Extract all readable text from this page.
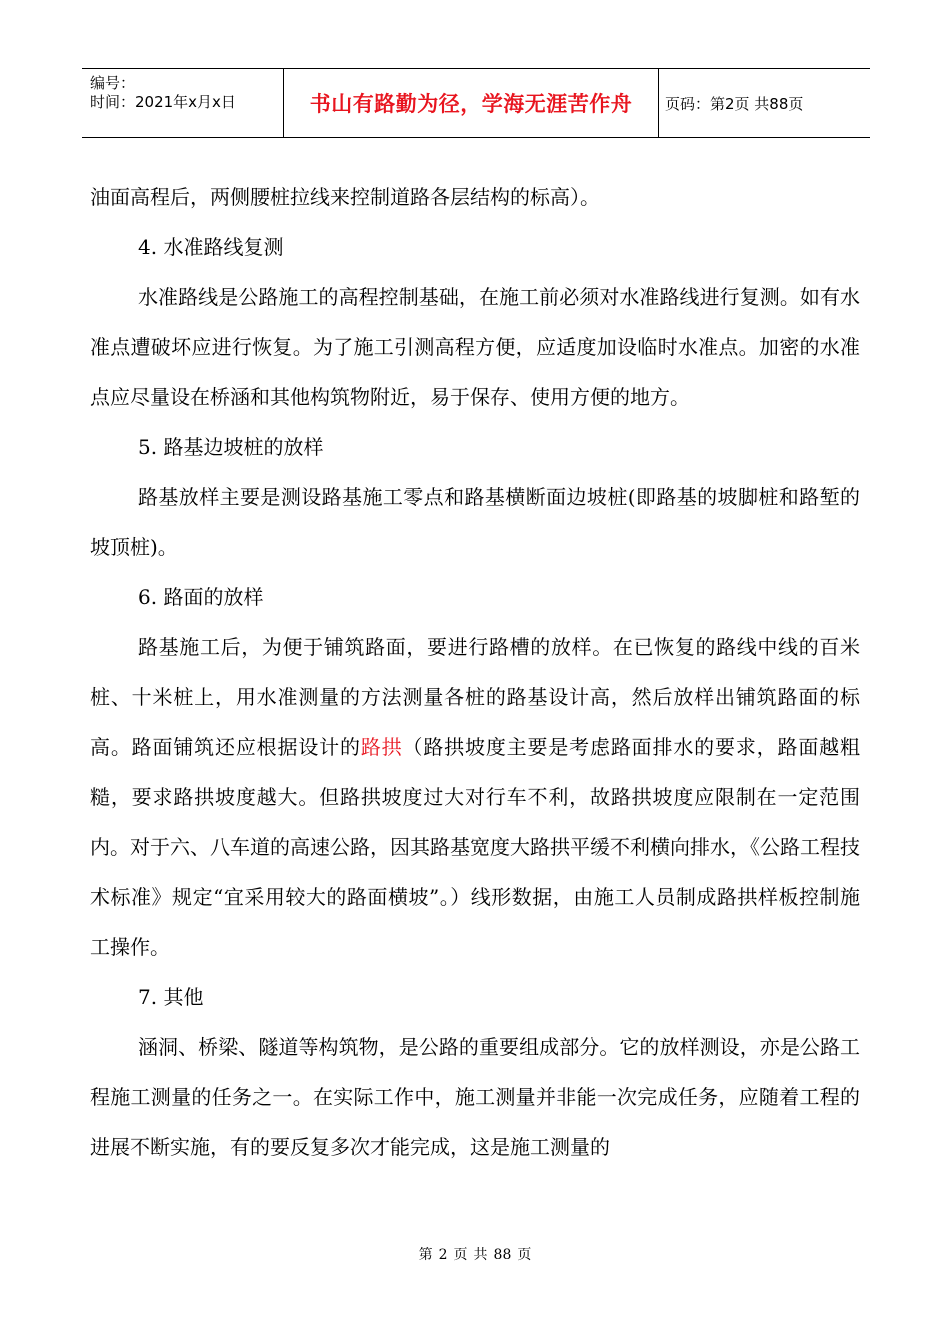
编号：
时间：2021年x月x日	书山有路勤为径，学海无涯苦作舟 页码：第2页 共88页

油面高程后，两侧腰桩拉线来控制道路各层结构的标高）。

4. 水准路线复测

水准路线是公路施工的高程控制基础，在施工前必须对水准路线进行复测。如有水准点遭破坏应进行恢复。为了施工引测高程方便，应适度加设临时水准点。加密的水准点应尽量设在桥涵和其他构筑物附近，易于保存、使用方便的地方。

5. 路基边坡桩的放样

路基放样主要是测设路基施工零点和路基横断面边坡桩(即路基的坡脚桩和路堑的坡顶桩)。

6. 路面的放样

路基施工后，为便于铺筑路面，要进行路槽的放样。在已恢复的路线中线的百米桩、十米桩上，用水准测量的方法测量各桩的路基设计高，然后放样出铺筑路面的标高。路面铺筑还应根据设计的路拱（路拱坡度主要是考虑路面排水的要求，路面越粗糙，要求路拱坡度越大。但路拱坡度过大对行车不利，故路拱坡度应限制在一定范围内。对于六、八车道的高速公路，因其路基宽度大路拱平缓不利横向排水，《公路工程技术标准》规定“宜采用较大的路面横坡”。）线形数据，由施工人员制成路拱样板控制施工操作。

7. 其他

涵洞、桥梁、隧道等构筑物，是公路的重要组成部分。它的放样测设，亦是公路工程施工测量的任务之一。在实际工作中，施工测量并非能一次完成任务，应随着工程的进展不断实施，有的要反复多次才能完成，这是施工测量的

第 2 页 共 88 页
